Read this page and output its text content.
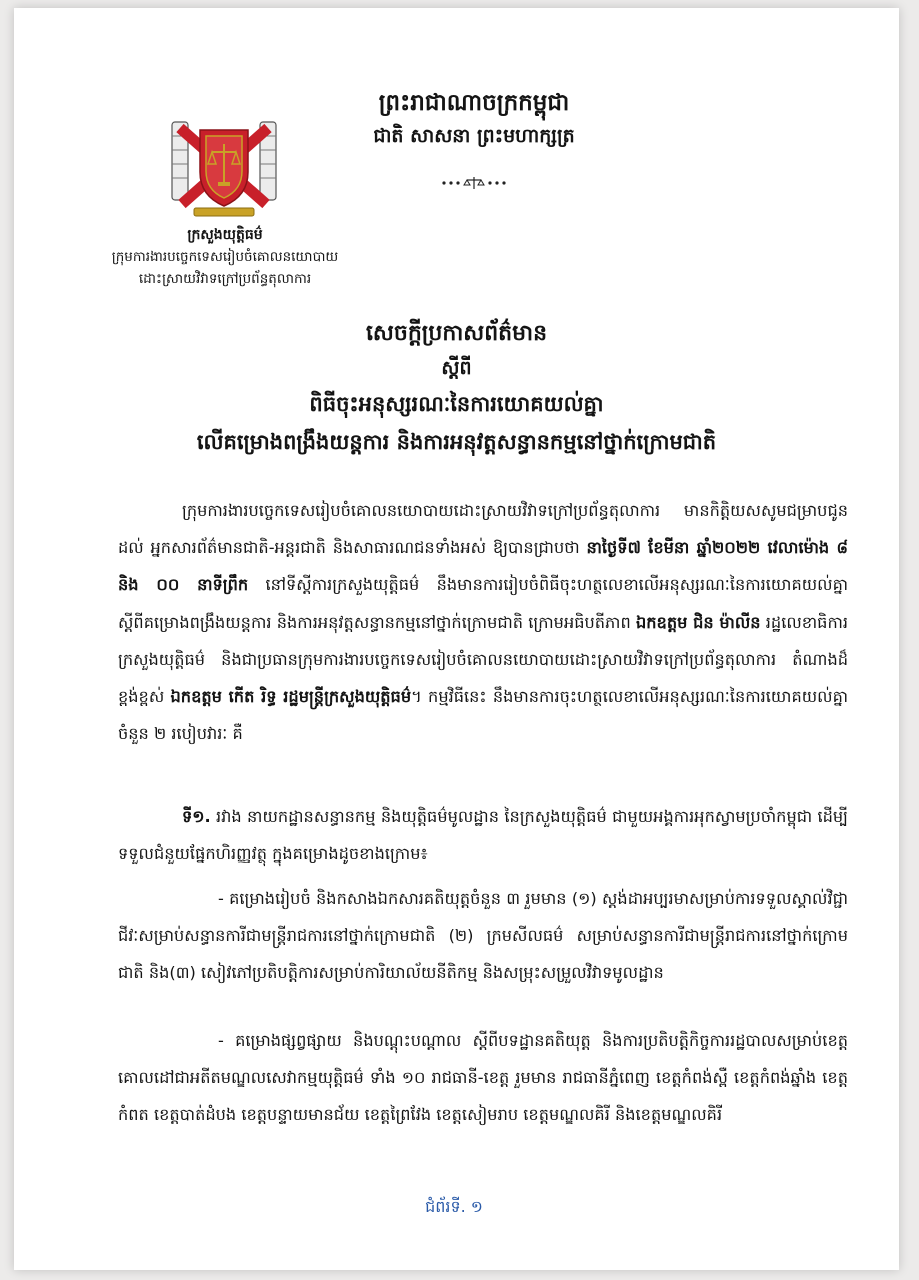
ព្រះរាជាណាចក្រកម្ពុជា
ជាតិ សាសនា ព្រះមហាក្សត្រ
ក្រសួងយុត្តិធម៌
ក្រុមការងារបច្ចេកទេសរៀបចំគោលនយោបាយ
ដោះស្រាយវិវាទក្រៅប្រព័ន្ធតុលាការ
សេចក្តីប្រកាសព័ត៌មាន
ស្តីពី
ពិធីចុះអនុស្សរណៈនៃការយោគយល់គ្នា
លើគម្រោងពង្រឹងយន្តការ និងការអនុវត្តសន្ធានកម្មនៅថ្នាក់ក្រោមជាតិ
ក្រុមការងារបច្ចេកទេសរៀបចំគោលនយោបាយដោះស្រាយវិវាទក្រៅប្រព័ន្ធតុលាការ មានកិត្តិយសសូមជម្រាបជូនដល់ អ្នកសារព័ត៌មានជាតិ-អន្តរជាតិ និងសាធារណជនទាំងអស់ ឱ្យបានជ្រាបថា នាថ្ងៃទី៧ ខែមីនា ឆ្នាំ២០២២ វេលាម៉ោង ៨ និង ០០ នាទីព្រឹក នៅទីស្តីការក្រសួងយុត្តិធម៌ នឹងមានការរៀបចំពិធីចុះហត្ថលេខាលើអនុស្សរណៈនៃការយោគយល់គ្នា ស្តីពីគម្រោងពង្រឹងយន្តការ និងការអនុវត្តសន្ធានកម្មនៅថ្នាក់ក្រោមជាតិ ក្រោមអធិបតីភាព ឯកឧត្តម ជិន ម៉ាលីន រដ្ឋលេខាធិការក្រសួងយុត្តិធម៌ និងជាប្រធានក្រុមការងារបច្ចេកទេសរៀបចំគោលនយោបាយដោះស្រាយវិវាទក្រៅប្រព័ន្ធតុលាការ តំណាងដ៏ខ្ពង់ខ្ពស់ ឯកឧត្តម កើត រិទ្ធ រដ្ឋមន្ត្រីក្រសួងយុត្តិធម៌។ កម្មវិធីនេះ នឹងមានការចុះហត្ថលេខាលើអនុស្សរណៈនៃការយោគយល់គ្នា ចំនួន ២ របៀបវារៈ គឺ
ទី១. រវាង នាយកដ្ឋានសន្ធានកម្ម និងយុត្តិធម៌មូលដ្ឋាន នៃក្រសួងយុត្តិធម៌ ជាមួយអង្គការអុកស្វាមប្រចាំកម្ពុជា ដើម្បីទទួលជំនួយផ្នែកហិរញ្ញវត្ថុ ក្នុងគម្រោងដូចខាងក្រោម៖
- គម្រោងរៀបចំ និងកសាងឯកសារគតិយុត្តចំនួន ៣ រួមមាន (១) ស្តង់ដាអប្បរមាសម្រាប់ការទទួលស្គាល់វិជ្ជាជីវៈសម្រាប់សន្ធានការីជាមន្ត្រីរាជការនៅថ្នាក់ក្រោមជាតិ (២) ក្រមសីលធម៌ សម្រាប់សន្ធានការីជាមន្ត្រីរាជការនៅថ្នាក់ក្រោមជាតិ និង(៣) សៀវភៅប្រតិបត្តិការសម្រាប់ការិយាល័យនីតិកម្ម និងសម្រុះសម្រួលវិវាទមូលដ្ឋាន
- គម្រោងផ្សព្វផ្សាយ និងបណ្តុះបណ្តាល ស្តីពីបទដ្ឋានគតិយុត្ត និងការប្រតិបត្តិកិច្ចការរដ្ឋបាលសម្រាប់ខេត្តគោលដៅជាអតីតមណ្ឌលសេវាកម្មយុត្តិធម៌ ទាំង ១០ រាជធានី-ខេត្ត រួមមាន រាជធានីភ្នំពេញ ខេត្តកំពង់ស្ពឺ ខេត្តកំពង់ឆ្នាំង ខេត្តកំពត ខេត្តបាត់ដំបង ខេត្តបន្ទាយមានជ័យ ខេត្តព្រៃវែង ខេត្តសៀមរាប ខេត្តមណ្ឌលគិរី និងខេត្តមណ្ឌលគិរី
ជំព័រទី. ១
